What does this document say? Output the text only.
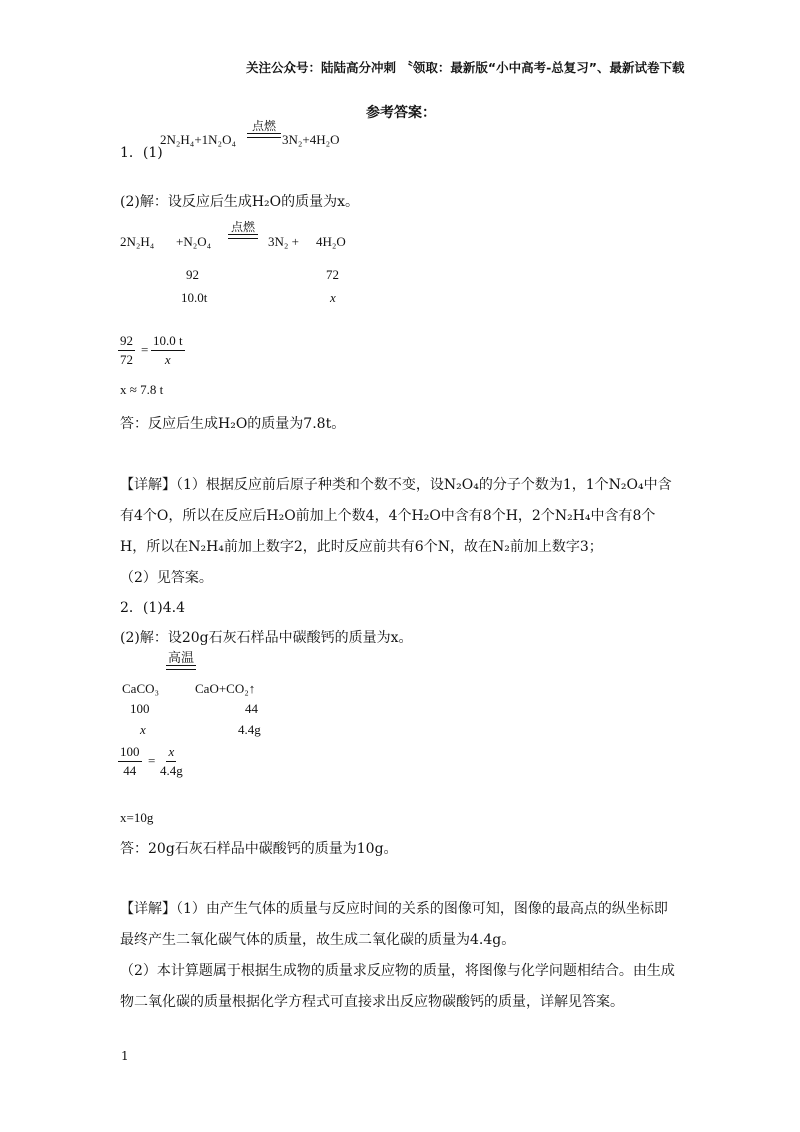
关注公众号：陆陆高分冲刺 〝领取：最新版“小中高考-总复习”、最新试卷下载
参考答案：
1．(1)
2N₂H₄+1N₂O₄
点燃
3N₂+4H₂O
(2)解：设反应后生成H₂O的质量为x。
2N₂H₄ +N₂O₄
点燃
3N₂ + 4H₂O
92	72
10.0t	x
$\frac{92}{72} = \frac{10.0 t}{x}$
x ≈ 7.8 t
答：反应后生成H₂O的质量为7.8t。
【详解】（1）根据反应前后原子种类和个数不变，设N₂O₄的分子个数为1，1个N₂O₄中含
有4个O，所以在反应后H₂O前加上个数4，4个H₂O中含有8个H，2个N₂H₄中含有8个
H，所以在N₂H₄前加上数字2，此时反应前共有6个N，故在N₂前加上数字3；
（2）见答案。
2．(1)4.4
(2)解：设20g石灰石样品中碳酸钙的质量为x。
高温
CaCO₃	CaO+CO₂↑
100	44
x	4.4g
$\frac{100}{44} = \frac{x}{4.4g}$
x=10g
答：20g石灰石样品中碳酸钙的质量为10g。
【详解】（1）由产生气体的质量与反应时间的关系的图像可知，图像的最高点的纵坐标即
最终产生二氧化碳气体的质量，故生成二氧化碳的质量为4.4g。
（2）本计算题属于根据生成物的质量求反应物的质量，将图像与化学问题相结合。由生成
物二氧化碳的质量根据化学方程式可直接求出反应物碳酸钙的质量，详解见答案。
1
